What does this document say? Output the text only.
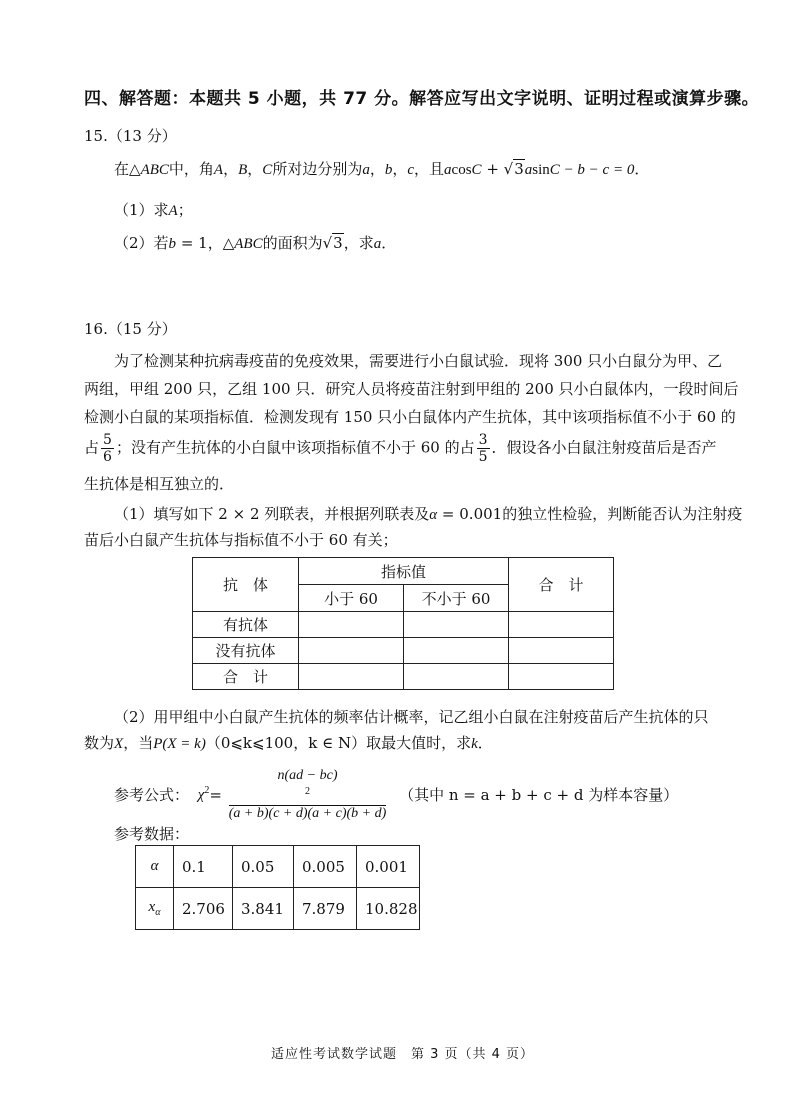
四、解答题：本题共 5 小题，共 77 分。解答应写出文字说明、证明过程或演算步骤。
15.（13 分）
在△ABC中，角A，B，C所对边分别为a，b，c，且acosC + √3asinC − b − c = 0．
（1）求A；
（2）若b = 1，△ABC的面积为√3，求a．
16.（15 分）
为了检测某种抗病毒疫苗的免疫效果，需要进行小白鼠试验．现将 300 只小白鼠分为甲、乙
两组，甲组 200 只，乙组 100 只．研究人员将疫苗注射到甲组的 200 只小白鼠体内，一段时间后
检测小白鼠的某项指标值．检测发现有 150 只小白鼠体内产生抗体，其中该项指标值不小于 60 的
占 $\frac{5}{6}$ ；没有产生抗体的小白鼠中该项指标值不小于 60 的占 $\frac{3}{5}$ ．假设各小白鼠注射疫苗后是否产
生抗体是相互独立的．
（1）填写如下 2 × 2 列联表，并根据列联表及α = 0.001的独立性检验，判断能否认为注射疫
苗后小白鼠产生抗体与指标值不小于 60 有关；
抗　体	指标值		合　计
	小于 60	不小于 60	
有抗体			
没有抗体			
合　计			
（2）用甲组中小白鼠产生抗体的频率估计概率，记乙组小白鼠在注射疫苗后产生抗体的只
数为X，当P(X = k)（0⩽k⩽100，k ∈ N）取最大值时，求k．
参考公式： $\chi^2= n(ad - bc)$
$^2$
(a + b)(c + d)(a + c)(b + d) （其中 n = a + b + c + d 为样本容量）
参考数据：
α	0.1	0.05	0.005	0.001
$x_\alpha$	2.706	3.841	7.879	10.828
适应性考试数学试题　第 3 页（共 4 页）
